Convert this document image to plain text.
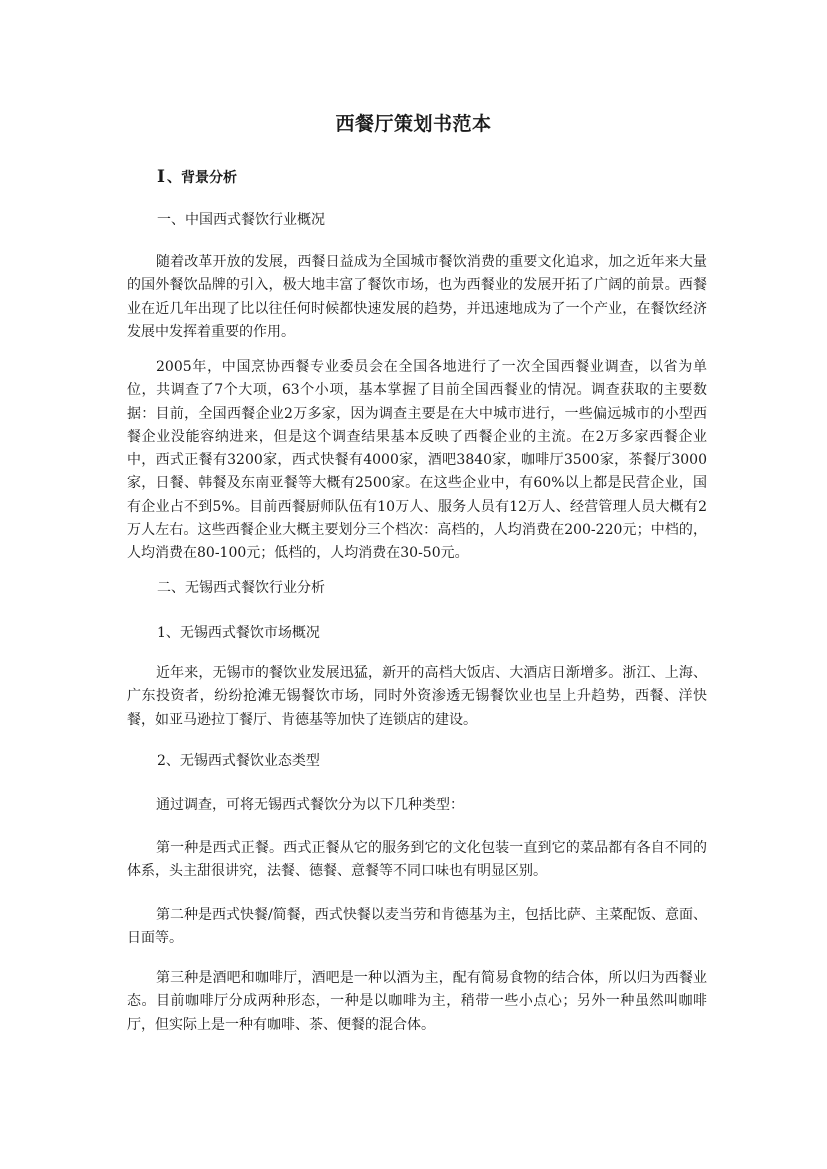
西餐厅策划书范本
Ⅰ 、背景分析
一、中国西式餐饮行业概况
随着改革开放的发展，西餐日益成为全国城市餐饮消费的重要文化追求，加之近年来大量的国外餐饮品牌的引入，极大地丰富了餐饮市场，也为西餐业的发展开拓了广阔的前景。西餐业在近几年出现了比以往任何时候都快速发展的趋势，并迅速地成为了一个产业，在餐饮经济发展中发挥着重要的作用。
2005年，中国烹协西餐专业委员会在全国各地进行了一次全国西餐业调查，以省为单位，共调查了7个大项，63个小项，基本掌握了目前全国西餐业的情况。调查获取的主要数据：目前，全国西餐企业2万多家，因为调查主要是在大中城市进行，一些偏远城市的小型西餐企业没能容纳进来，但是这个调查结果基本反映了西餐企业的主流。在2万多家西餐企业中，西式正餐有3200家，西式快餐有4000家，酒吧3840家，咖啡厅3500家，茶餐厅3000家，日餐、韩餐及东南亚餐等大概有2500家。在这些企业中，有60%以上都是民营企业，国有企业占不到5%。目前西餐厨师队伍有10万人、服务人员有12万人、经营管理人员大概有2万人左右。这些西餐企业大概主要划分三个档次：高档的，人均消费在200-220元；中档的，人均消费在80-100元；低档的，人均消费在30-50元。
二、无锡西式餐饮行业分析
1、无锡西式餐饮市场概况
近年来，无锡市的餐饮业发展迅猛，新开的高档大饭店、大酒店日渐增多。浙江、上海、广东投资者，纷纷抢滩无锡餐饮市场，同时外资渗透无锡餐饮业也呈上升趋势，西餐、洋快餐，如亚马逊拉丁餐厅、肯德基等加快了连锁店的建设。
2、无锡西式餐饮业态类型
通过调查，可将无锡西式餐饮分为以下几种类型：
第一种是西式正餐。西式正餐从它的服务到它的文化包装一直到它的菜品都有各自不同的体系，头主甜很讲究，法餐、德餐、意餐等不同口味也有明显区别。
第二种是西式快餐/简餐，西式快餐以麦当劳和肯德基为主，包括比萨、主菜配饭、意面、日面等。
第三种是酒吧和咖啡厅，酒吧是一种以酒为主，配有简易食物的结合体，所以归为西餐业态。目前咖啡厅分成两种形态，一种是以咖啡为主，稍带一些小点心；另外一种虽然叫咖啡厅，但实际上是一种有咖啡、茶、便餐的混合体。
